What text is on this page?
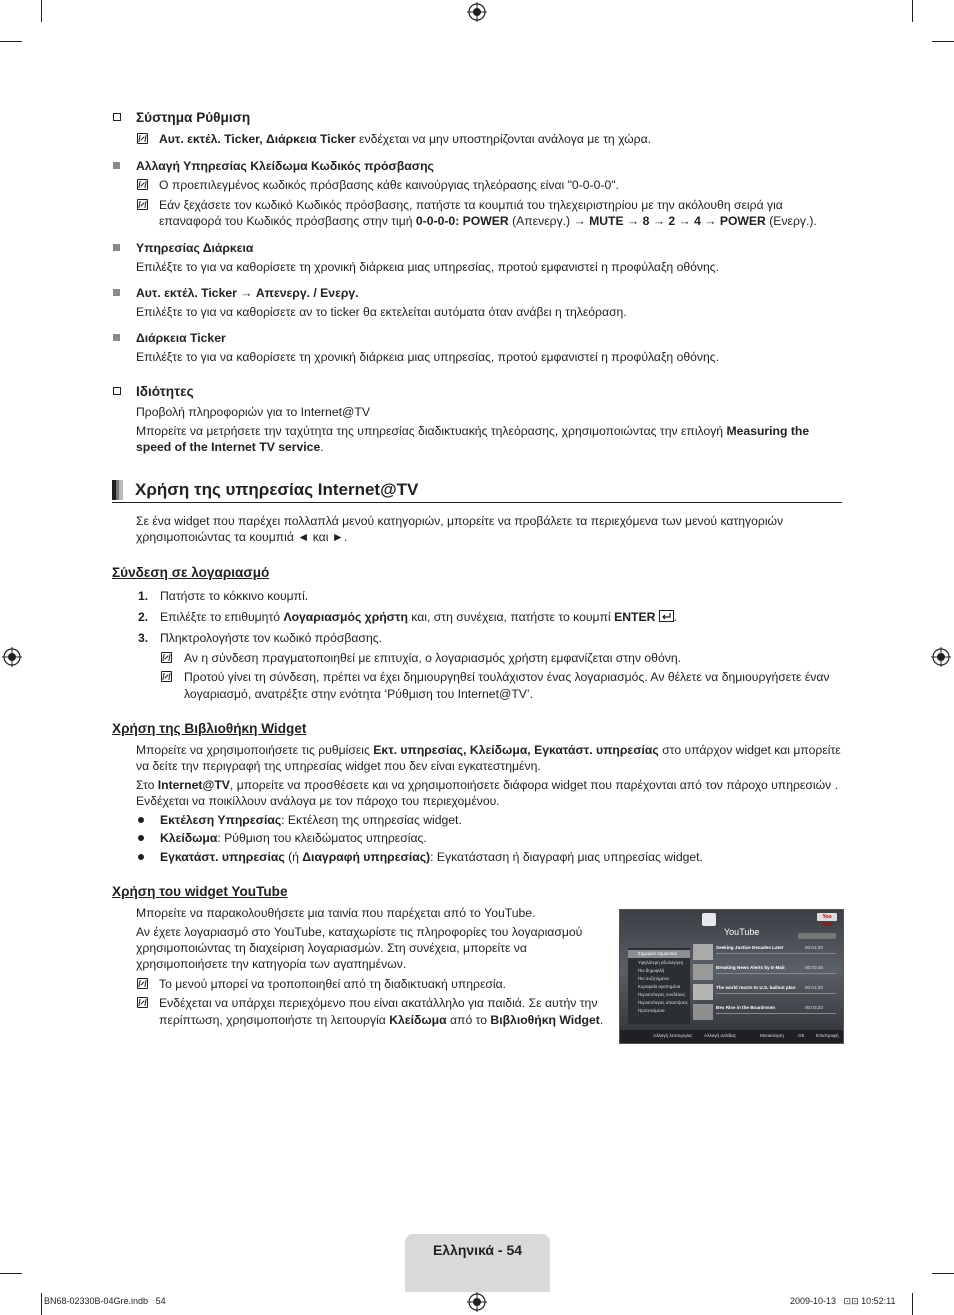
Σύστημα Ρύθμιση
Αυτ. εκτέλ. Ticker, Διάρκεια Ticker ενδέχεται να μην υποστηρίζονται ανάλογα με τη χώρα.
Αλλαγή Υπηρεσίας Κλείδωμα Κωδικός πρόσβασης
Ο προεπιλεγμένος κωδικός πρόσβασης κάθε καινούργιας τηλεόρασης είναι "0-0-0-0".
Εάν ξεχάσετε τον κωδικό Κωδικός πρόσβασης, πατήστε τα κουμπιά του τηλεχειριστηρίου με την ακόλουθη σειρά για
επαναφορά του Κωδικός πρόσβασης στην τιμή 0-0-0-0: POWER (Απενεργ.) → MUTE → 8 → 2 → 4 → POWER (Ενεργ.).
Υπηρεσίας Διάρκεια
Επιλέξτε το για να καθορίσετε τη χρονική διάρκεια μιας υπηρεσίας, προτού εμφανιστεί η προφύλαξη οθόνης.
Αυτ. εκτέλ. Ticker → Απενεργ. / Ενεργ.
Επιλέξτε το για να καθορίσετε αν το ticker θα εκτελείται αυτόματα όταν ανάβει η τηλεόραση.
Διάρκεια Ticker
Επιλέξτε το για να καθορίσετε τη χρονική διάρκεια μιας υπηρεσίας, προτού εμφανιστεί η προφύλαξη οθόνης.
Ιδιότητες
Προβολή πληροφοριών για το Internet@TV
Μπορείτε να μετρήσετε την ταχύτητα της υπηρεσίας διαδικτυακής τηλεόρασης, χρησιμοποιώντας την επιλογή Measuring the
speed of the Internet TV service.
Χρήση της υπηρεσίας Internet@TV
Σε ένα widget που παρέχει πολλαπλά μενού κατηγοριών, μπορείτε να προβάλετε τα περιεχόμενα των μενού κατηγοριών
χρησιμοποιώντας τα κουμπιά ◄ και ►.
Σύνδεση σε λογαριασμό
1. Πατήστε το κόκκινο κουμπί.
2. Επιλέξτε το επιθυμητό Λογαριασμός χρήστη και, στη συνέχεια, πατήστε το κουμπί ENTER .
3. Πληκτρολογήστε τον κωδικό πρόσβασης.
Αν η σύνδεση πραγματοποιηθεί με επιτυχία, ο λογαριασμός χρήστη εμφανίζεται στην οθόνη.
Προτού γίνει τη σύνδεση, πρέπει να έχει δημιουργηθεί τουλάχιστον ένας λογαριασμός. Αν θέλετε να δημιουργήσετε έναν
λογαριασμό, ανατρέξτε στην ενότητα ‘Ρύθμιση του Internet@TV’.
Χρήση της Βιβλιοθήκη Widget
Μπορείτε να χρησιμοποιήσετε τις ρυθμίσεις Εκτ. υπηρεσίας, Κλείδωμα, Εγκατάστ. υπηρεσίας στο υπάρχον widget και μπορείτε
να δείτε την περιγραφή της υπηρεσίας widget που δεν είναι εγκατεστημένη.
Στο Internet@TV, μπορείτε να προσθέσετε και να χρησιμοποιήσετε διάφορα widget που παρέχονται από τον πάροχο υπηρεσιών .
Ενδέχεται να ποικίλλουν ανάλογα με τον πάροχο του περιεχομένου.
Εκτέλεση Υπηρεσίας: Εκτέλεση της υπηρεσίας widget.
Κλείδωμα: Ρύθμιση του κλειδώματος υπηρεσίας.
Εγκατάστ. υπηρεσίας (ή Διαγραφή υπηρεσίας): Εγκατάσταση ή διαγραφή μιας υπηρεσίας widget.
Χρήση του widget YouTube
Μπορείτε να παρακολουθήσετε μια ταινία που παρέχεται από το YouTube.
Αν έχετε λογαριασμό στο YouTube, καταχωρίστε τις πληροφορίες του λογαριασμού
χρησιμοποιώντας τη διαχείριση λογαριασμών. Στη συνέχεια, μπορείτε να
χρησιμοποιήσετε την κατηγορία των αγαπημένων.
Το μενού μπορεί να τροποποιηθεί από τη διαδικτυακή υπηρεσία.
Ενδέχεται να υπάρχει περιεχόμενο που είναι ακατάλληλο για παιδιά. Σε αυτήν την
περίπτωση, χρησιμοποιήστε τη λειτουργία Κλείδωμα από το Βιβλιοθήκη Widget.
You Tube
YouTube
Σημερινά σημαντικά
Υψηλότερη αξιολόγηση
Πιο δημοφιλή
Πιο συζητημένα
Κορυφαία αγαπημένα
Περισσότερες συνδέσεις
Περισσότερες απαντήσεις
Προτεινόμενα
Seeking Justice Decades Later	00:01:20
Breaking News Alerts by E-Mail	00:00:45
The world reacts to U.S. bailout plan 00:01:20
Bex Rise in the Boardroom	00:03:20
Αλλαγή λειτουργίας	Αλλαγή σελίδας	Μετακίνηση	OK Επιστροφή
Ελληνικά - 54
BN68-02330B-04Gre.indb   54	2009-10-13   ⊡⊡ 10:52:11
